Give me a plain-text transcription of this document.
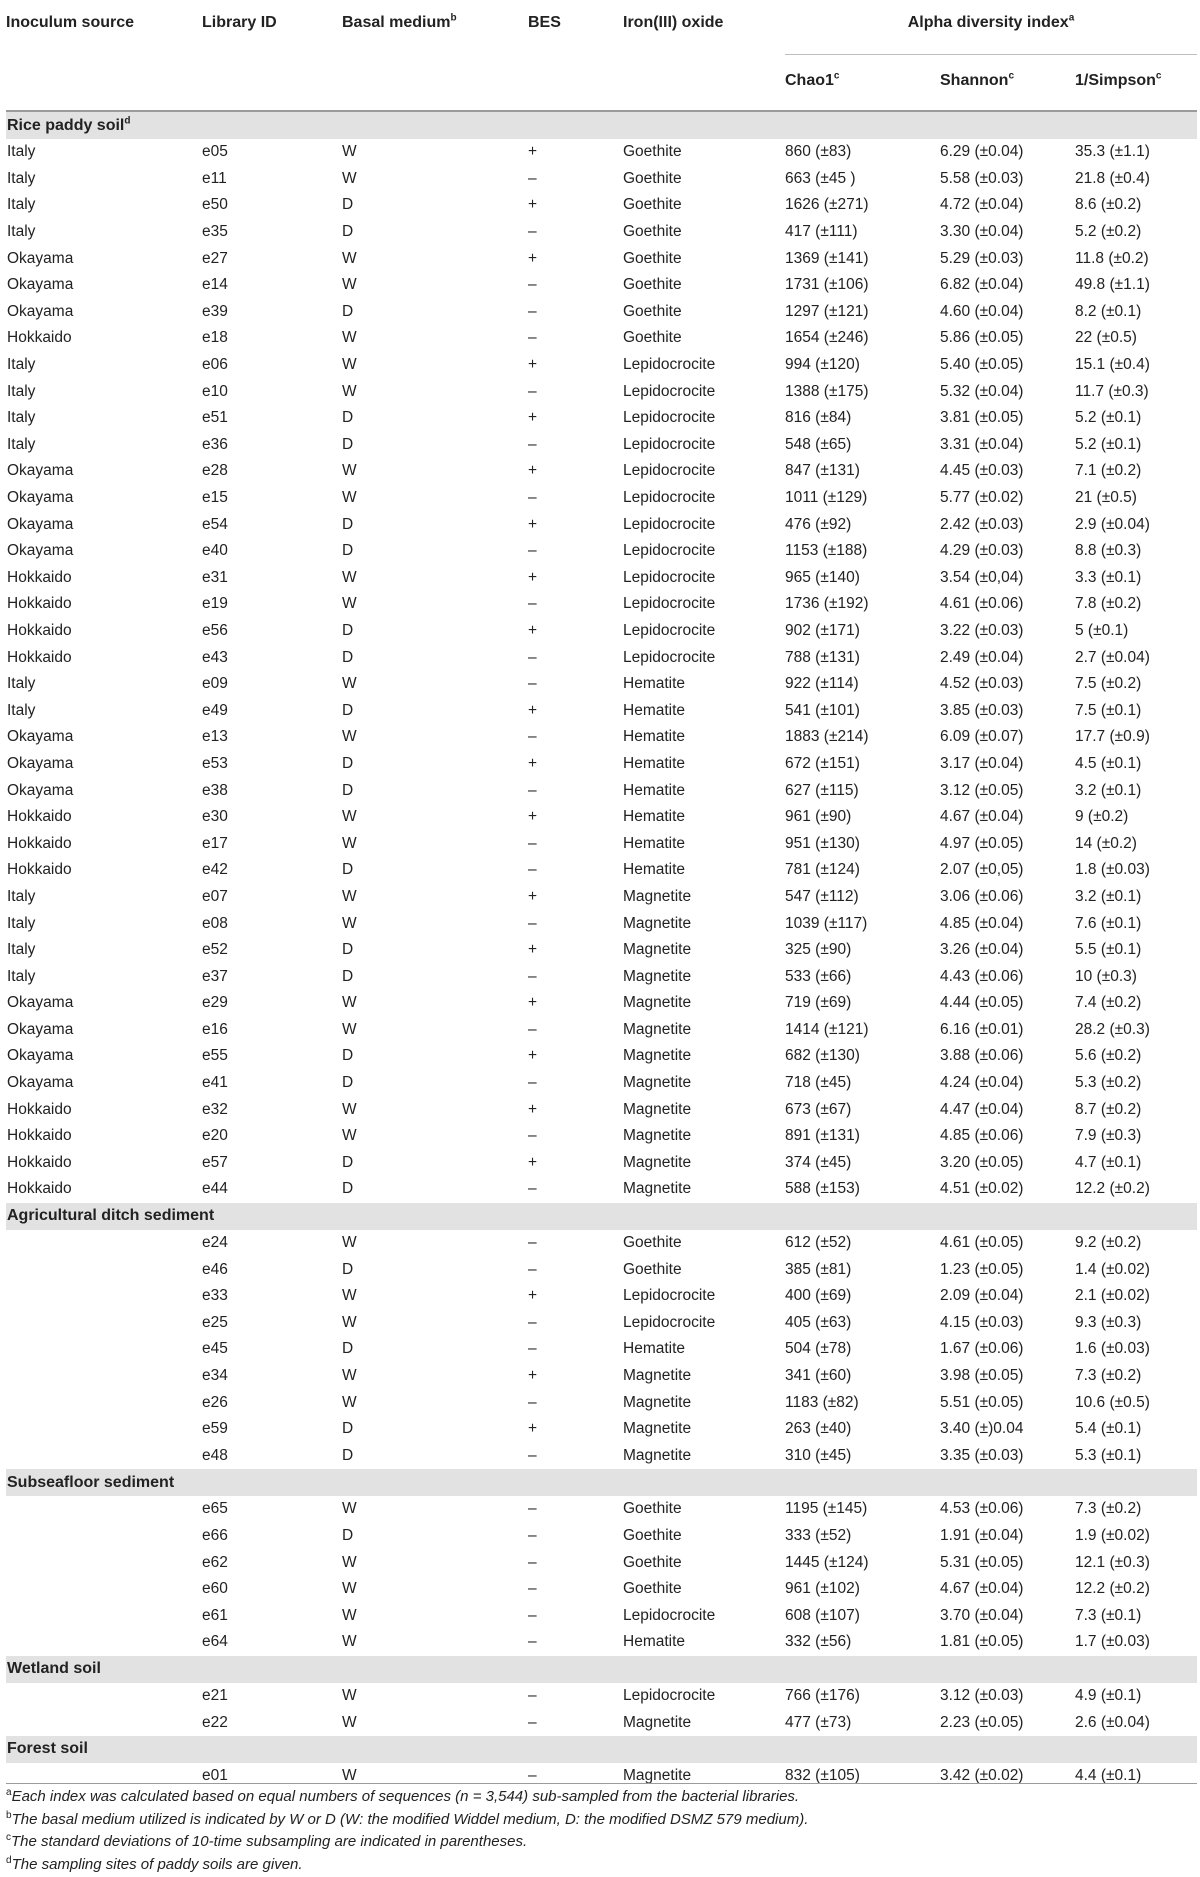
Inoculum source	Library ID	Basal medium$^b$	BES	Iron(III) oxide	Alpha diversity index$^a$
					Chao1$^c$	Shannon$^c$	1/Simpson$^c$
Rice paddy soil$^d$
Italy	e05	W	+	Goethite	860 (±83)	6.29 (±0.04)	35.3 (±1.1)
Italy	e11	W	–	Goethite	663 (±45 )	5.58 (±0.03)	21.8 (±0.4)
Italy	e50	D	+	Goethite	1626 (±271)	4.72 (±0.04)	8.6 (±0.2)
Italy	e35	D	–	Goethite	417 (±111)	3.30 (±0.04)	5.2 (±0.2)
Okayama	e27	W	+	Goethite	1369 (±141)	5.29 (±0.03)	11.8 (±0.2)
Okayama	e14	W	–	Goethite	1731 (±106)	6.82 (±0.04)	49.8 (±1.1)
Okayama	e39	D	–	Goethite	1297 (±121)	4.60 (±0.04)	8.2 (±0.1)
Hokkaido	e18	W	–	Goethite	1654 (±246)	5.86 (±0.05)	22 (±0.5)
Italy	e06	W	+	Lepidocrocite	994 (±120)	5.40 (±0.05)	15.1 (±0.4)
Italy	e10	W	–	Lepidocrocite	1388 (±175)	5.32 (±0.04)	11.7 (±0.3)
Italy	e51	D	+	Lepidocrocite	816 (±84)	3.81 (±0.05)	5.2 (±0.1)
Italy	e36	D	–	Lepidocrocite	548 (±65)	3.31 (±0.04)	5.2 (±0.1)
Okayama	e28	W	+	Lepidocrocite	847 (±131)	4.45 (±0.03)	7.1 (±0.2)
Okayama	e15	W	–	Lepidocrocite	1011 (±129)	5.77 (±0.02)	21 (±0.5)
Okayama	e54	D	+	Lepidocrocite	476 (±92)	2.42 (±0.03)	2.9 (±0.04)
Okayama	e40	D	–	Lepidocrocite	1153 (±188)	4.29 (±0.03)	8.8 (±0.3)
Hokkaido	e31	W	+	Lepidocrocite	965 (±140)	3.54 (±0,04)	3.3 (±0.1)
Hokkaido	e19	W	–	Lepidocrocite	1736 (±192)	4.61 (±0.06)	7.8 (±0.2)
Hokkaido	e56	D	+	Lepidocrocite	902 (±171)	3.22 (±0.03)	5 (±0.1)
Hokkaido	e43	D	–	Lepidocrocite	788 (±131)	2.49 (±0.04)	2.7 (±0.04)
Italy	e09	W	–	Hematite	922 (±114)	4.52 (±0.03)	7.5 (±0.2)
Italy	e49	D	+	Hematite	541 (±101)	3.85 (±0.03)	7.5 (±0.1)
Okayama	e13	W	–	Hematite	1883 (±214)	6.09 (±0.07)	17.7 (±0.9)
Okayama	e53	D	+	Hematite	672 (±151)	3.17 (±0.04)	4.5 (±0.1)
Okayama	e38	D	–	Hematite	627 (±115)	3.12 (±0.05)	3.2 (±0.1)
Hokkaido	e30	W	+	Hematite	961 (±90)	4.67 (±0.04)	9 (±0.2)
Hokkaido	e17	W	–	Hematite	951 (±130)	4.97 (±0.05)	14 (±0.2)
Hokkaido	e42	D	–	Hematite	781 (±124)	2.07 (±0,05)	1.8 (±0.03)
Italy	e07	W	+	Magnetite	547 (±112)	3.06 (±0.06)	3.2 (±0.1)
Italy	e08	W	–	Magnetite	1039 (±117)	4.85 (±0.04)	7.6 (±0.1)
Italy	e52	D	+	Magnetite	325 (±90)	3.26 (±0.04)	5.5 (±0.1)
Italy	e37	D	–	Magnetite	533 (±66)	4.43 (±0.06)	10 (±0.3)
Okayama	e29	W	+	Magnetite	719 (±69)	4.44 (±0.05)	7.4 (±0.2)
Okayama	e16	W	–	Magnetite	1414 (±121)	6.16 (±0.01)	28.2 (±0.3)
Okayama	e55	D	+	Magnetite	682 (±130)	3.88 (±0.06)	5.6 (±0.2)
Okayama	e41	D	–	Magnetite	718 (±45)	4.24 (±0.04)	5.3 (±0.2)
Hokkaido	e32	W	+	Magnetite	673 (±67)	4.47 (±0.04)	8.7 (±0.2)
Hokkaido	e20	W	–	Magnetite	891 (±131)	4.85 (±0.06)	7.9 (±0.3)
Hokkaido	e57	D	+	Magnetite	374 (±45)	3.20 (±0.05)	4.7 (±0.1)
Hokkaido	e44	D	–	Magnetite	588 (±153)	4.51 (±0.02)	12.2 (±0.2)
Agricultural ditch sediment							
	e24	W	–	Goethite	612 (±52)	4.61 (±0.05)	9.2 (±0.2)
	e46	D	–	Goethite	385 (±81)	1.23 (±0.05)	1.4 (±0.02)
	e33	W	+	Lepidocrocite	400 (±69)	2.09 (±0.04)	2.1 (±0.02)
	e25	W	–	Lepidocrocite	405 (±63)	4.15 (±0.03)	9.3 (±0.3)
	e45	D	–	Hematite	504 (±78)	1.67 (±0.06)	1.6 (±0.03)
	e34	W	+	Magnetite	341 (±60)	3.98 (±0.05)	7.3 (±0.2)
	e26	W	–	Magnetite	1183 (±82)	5.51 (±0.05)	10.6 (±0.5)
	e59	D	+	Magnetite	263 (±40)	3.40 (±)0.04	5.4 (±0.1)
	e48	D	–	Magnetite	310 (±45)	3.35 (±0.03)	5.3 (±0.1)
Subseafloor sediment							
	e65	W	–	Goethite	1195 (±145)	4.53 (±0.06)	7.3 (±0.2)
	e66	D	–	Goethite	333 (±52)	1.91 (±0.04)	1.9 (±0.02)
	e62	W	–	Goethite	1445 (±124)	5.31 (±0.05)	12.1 (±0.3)
	e60	W	–	Goethite	961 (±102)	4.67 (±0.04)	12.2 (±0.2)
	e61	W	–	Lepidocrocite	608 (±107)	3.70 (±0.04)	7.3 (±0.1)
	e64	W	–	Hematite	332 (±56)	1.81 (±0.05)	1.7 (±0.03)
Wetland soil							
	e21	W	–	Lepidocrocite	766 (±176)	3.12 (±0.03)	4.9 (±0.1)
	e22	W	–	Magnetite	477 (±73)	2.23 (±0.05)	2.6 (±0.04)
Forest soil							
	e01	W	–	Magnetite	832 (±105)	3.42 (±0.02)	4.4 (±0.1)
$^a$Each index was calculated based on equal numbers of sequences (n = 3,544) sub-sampled from the bacterial libraries.
$^b$The basal medium utilized is indicated by W or D (W: the modified Widdel medium, D: the modified DSMZ 579 medium).
$^c$The standard deviations of 10-time subsampling are indicated in parentheses.
$^d$The sampling sites of paddy soils are given.
